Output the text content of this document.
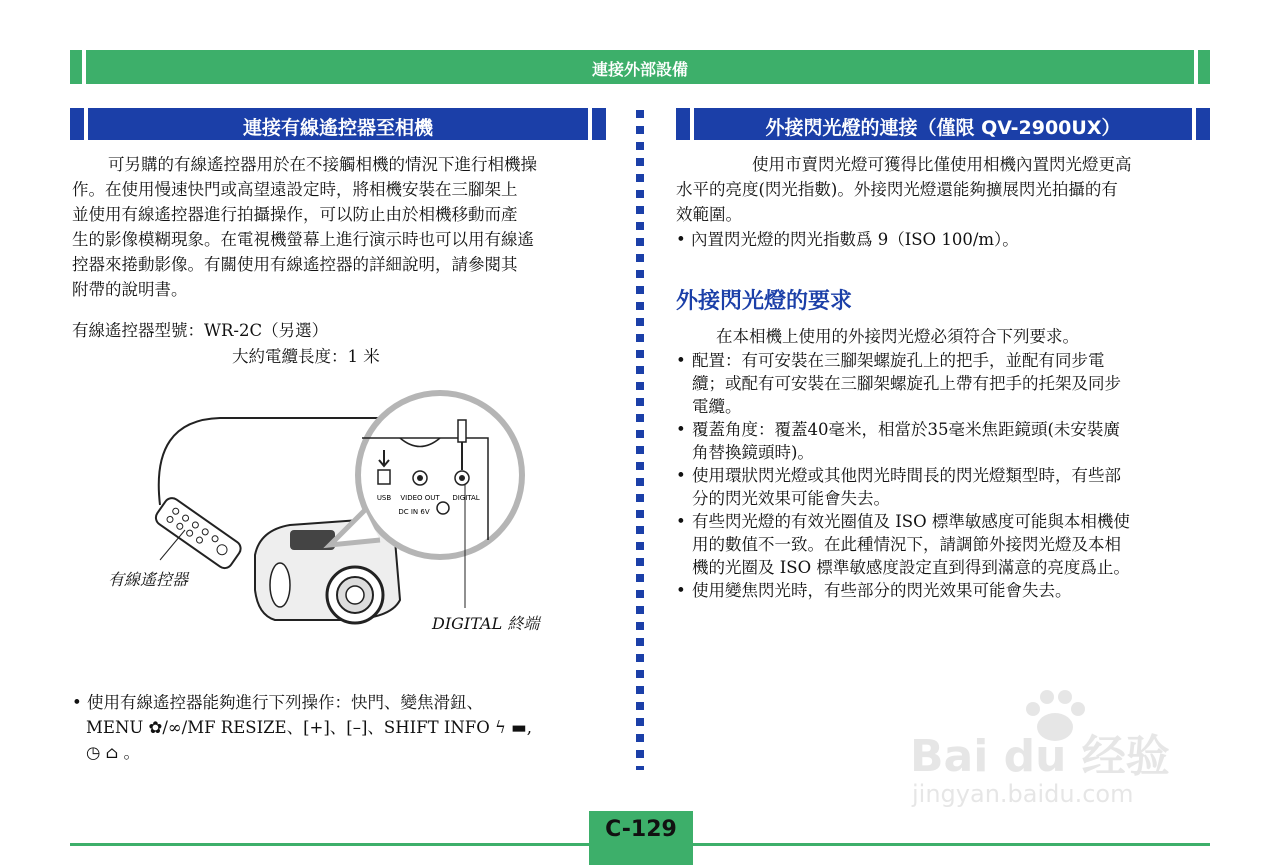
連接外部設備
連接有線遙控器至相機
可另購的有線遙控器用於在不接觸相機的情況下進行相機操
作。在使用慢速快門或高望遠設定時，將相機安裝在三腳架上
並使用有線遙控器進行拍攝操作，可以防止由於相機移動而產
生的影像模糊現象。在電視機螢幕上進行演示時也可以用有線遙
控器來捲動影像。有關使用有線遙控器的詳細說明，請參閱其
附帶的說明書。
有線遙控器型號：WR-2C（另選）
大約電纜長度：1 米
USB VIDEO OUT DIGITAL
DC IN 6V
有線遙控器
DIGITAL 終端
• 使用有線遙控器能夠進行下列操作：快門、變焦滑鈕、
MENU ✿/∞/MF RESIZE、[+]、[–]、SHIFT INFO ϟ ▬,
◷ ⌂ 。
外接閃光燈的連接（僅限 QV-2900UX）
使用市賣閃光燈可獲得比僅使用相機內置閃光燈更高
水平的亮度(閃光指數)。外接閃光燈還能夠擴展閃光拍攝的有
效範圍。
• 內置閃光燈的閃光指數爲 9（ISO 100/m）。
外接閃光燈的要求
在本相機上使用的外接閃光燈必須符合下列要求。
• 配置：有可安裝在三腳架螺旋孔上的把手，並配有同步電
纜；或配有可安裝在三腳架螺旋孔上帶有把手的托架及同步
電纜。
• 覆蓋角度：覆蓋40毫米，相當於35毫米焦距鏡頭(未安裝廣
角替換鏡頭時)。
• 使用環狀閃光燈或其他閃光時間長的閃光燈類型時，有些部
分的閃光效果可能會失去。
• 有些閃光燈的有效光圈值及 ISO 標準敏感度可能與本相機使
用的數值不一致。在此種情況下，請調節外接閃光燈及本相
機的光圈及 ISO 標準敏感度設定直到得到滿意的亮度爲止。
• 使用變焦閃光時，有些部分的閃光效果可能會失去。
Bai du 经验
jingyan.baidu.com
C-129
